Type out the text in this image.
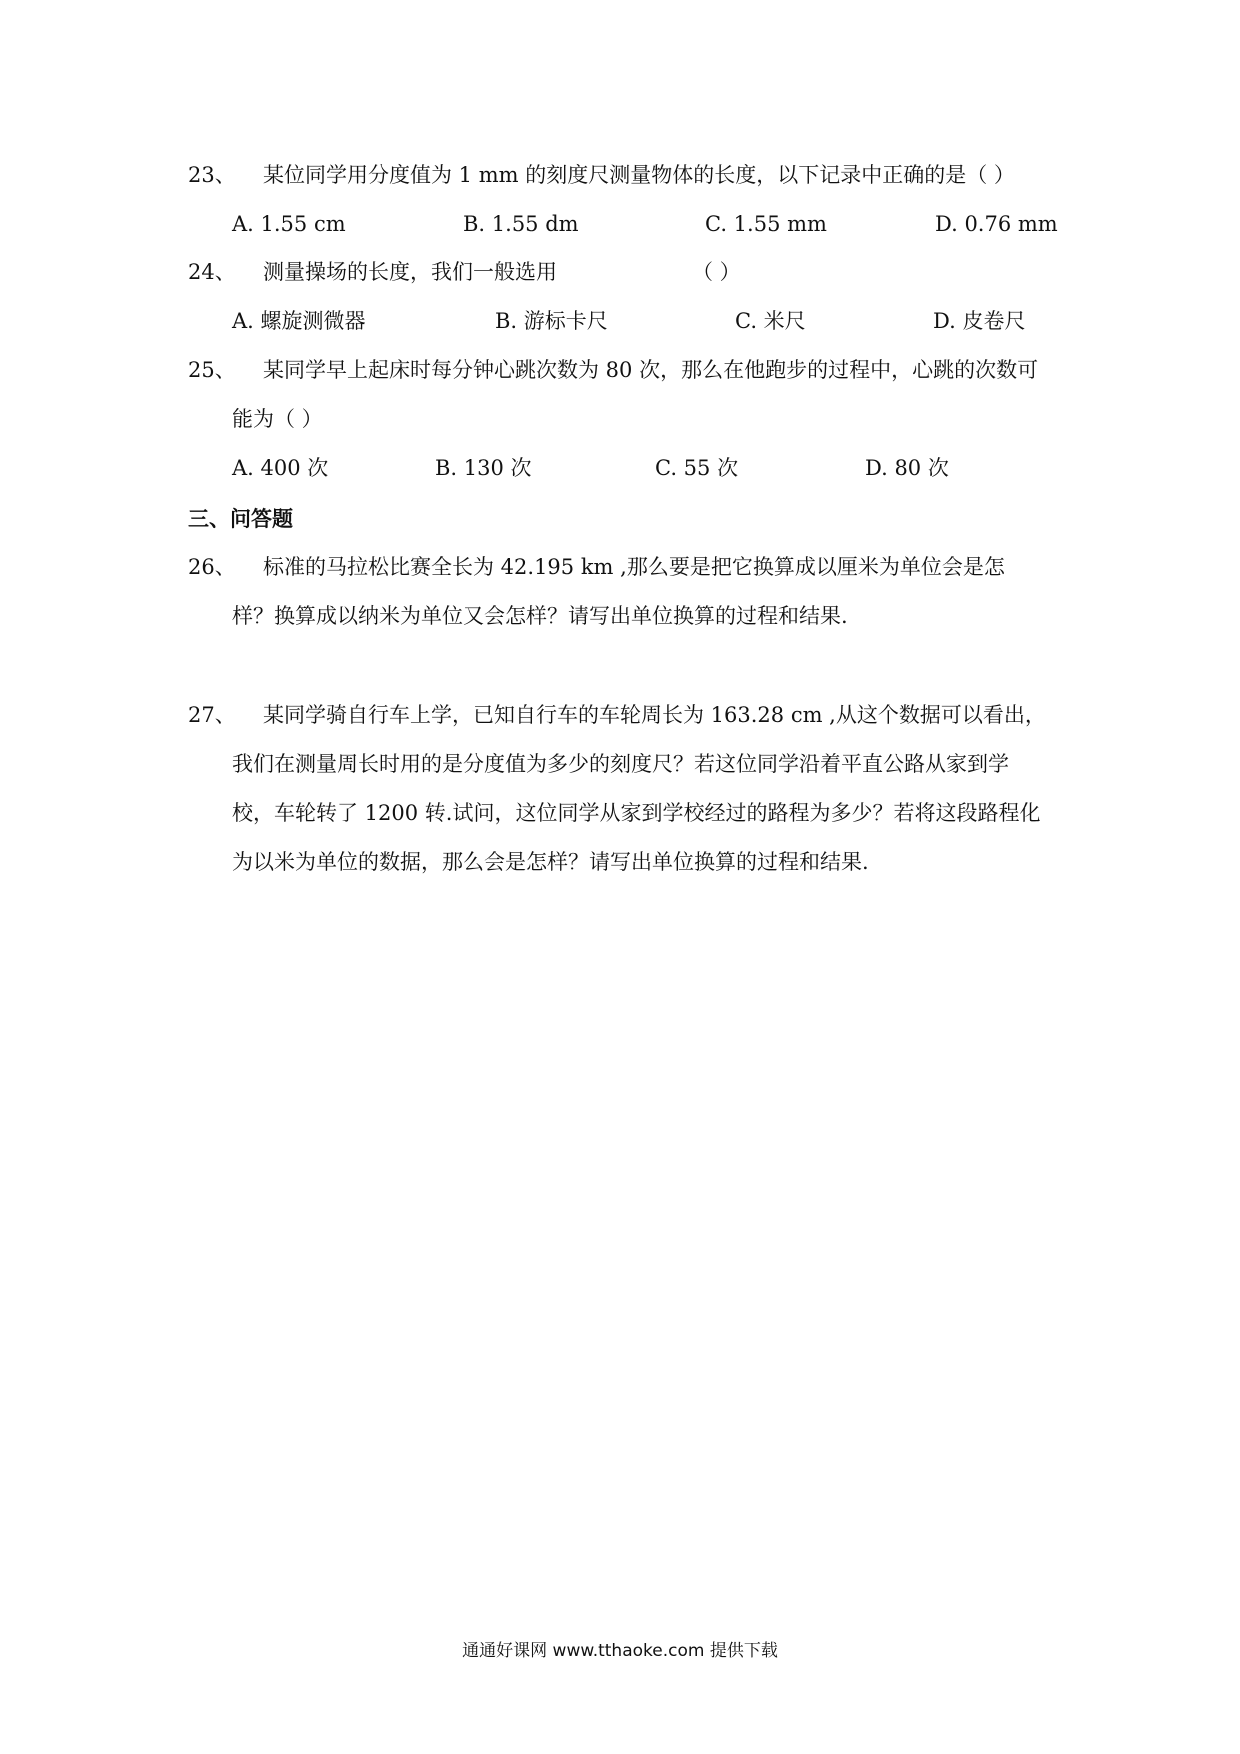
23、 某位同学用分度值为 1 mm 的刻度尺测量物体的长度，以下记录中正确的是（ ）
A. 1.55 cm	B. 1.55 dm	C. 1.55 mm	D. 0.76 mm
24、 测量操场的长度，我们一般选用	（ ）
A. 螺旋测微器	B. 游标卡尺	C. 米尺	D. 皮卷尺
25、 某同学早上起床时每分钟心跳次数为 80 次，那么在他跑步的过程中，心跳的次数可
能为（ ）
A. 400 次	B. 130 次	C. 55 次	D. 80 次
三、问答题
26、 标准的马拉松比赛全长为 42.195 km ,那么要是把它换算成以厘米为单位会是怎
样？换算成以纳米为单位又会怎样？请写出单位换算的过程和结果.
27、 某同学骑自行车上学，已知自行车的车轮周长为 163.28 cm ,从这个数据可以看出，
我们在测量周长时用的是分度值为多少的刻度尺？若这位同学沿着平直公路从家到学
校，车轮转了 1200 转.试问，这位同学从家到学校经过的路程为多少？若将这段路程化
为以米为单位的数据，那么会是怎样？请写出单位换算的过程和结果.
通通好课网 www.tthaoke.com 提供下载
